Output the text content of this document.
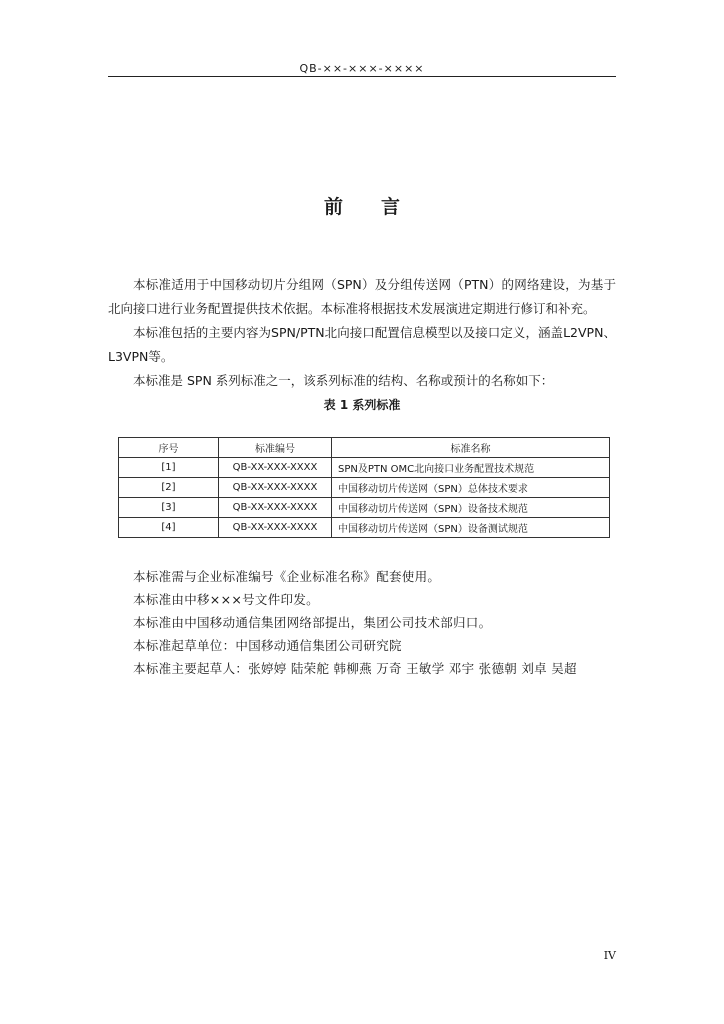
QB-××-×××-××××
前言

本标准适用于中国移动切片分组网（SPN）及分组传送网（PTN）的网络建设，为基于北向接口进行业务配置提供技术依据。本标准将根据技术发展演进定期进行修订和补充。

本标准包括的主要内容为SPN/PTN北向接口配置信息模型以及接口定义，涵盖L2VPN、L3VPN等。

本标准是 SPN 系列标准之一，该系列标准的结构、名称或预计的名称如下：

表 1 系列标准

序号	标准编号	标准名称
[1]	QB-XX-XXX-XXXX	SPN及PTN OMC北向接口业务配置技术规范
[2]	QB-XX-XXX-XXXX	中国移动切片传送网（SPN）总体技术要求
[3]	QB-XX-XXX-XXXX	中国移动切片传送网（SPN）设备技术规范
[4]	QB-XX-XXX-XXXX	中国移动切片传送网（SPN）设备测试规范

本标准需与企业标准编号《企业标准名称》配套使用。

本标准由中移×××号文件印发。

本标准由中国移动通信集团网络部提出，集团公司技术部归口。

本标准起草单位：中国移动通信集团公司研究院

本标准主要起草人：张婷婷 陆荣舵 韩柳燕 万奇 王敏学 邓宇 张德朝 刘卓 吴超

IV
